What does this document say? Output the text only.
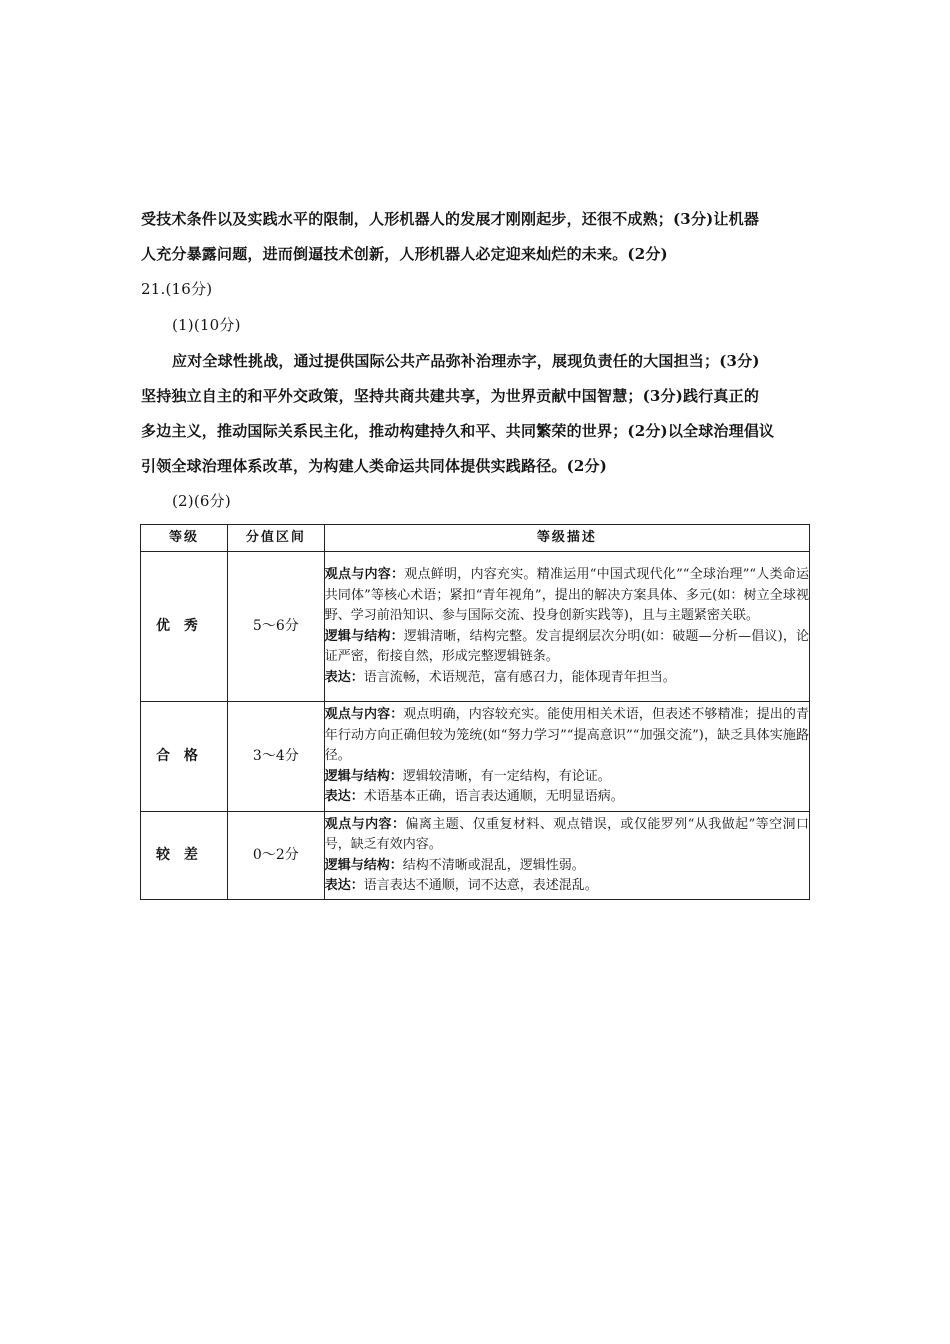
受技术条件以及实践水平的限制，人形机器人的发展才刚刚起步，还很不成熟；(3分)让机器
人充分暴露问题，进而倒逼技术创新，人形机器人必定迎来灿烂的未来。(2分)
21.(16分)
(1)(10分)
应对全球性挑战，通过提供国际公共产品弥补治理赤字，展现负责任的大国担当；(3分)
坚持独立自主的和平外交政策，坚持共商共建共享，为世界贡献中国智慧；(3分)践行真正的
多边主义，推动国际关系民主化，推动构建持久和平、共同繁荣的世界；(2分)以全球治理倡议
引领全球治理体系改革，为构建人类命运共同体提供实践路径。(2分)
(2)(6分)
等级	分值区间	等级描述
优秀	5～6分	观点与内容：观点鲜明，内容充实。精准运用“中国式现代化”“全球治理”“人类命运共同体”等核心术语；紧扣“青年视角”，提出的解决方案具体、多元(如：树立全球视野、学习前沿知识、参与国际交流、投身创新实践等)，且与主题紧密关联。

逻辑与结构：逻辑清晰，结构完整。发言提纲层次分明(如：破题—分析—倡议)，论证严密，衔接自然，形成完整逻辑链条。

表达：语言流畅，术语规范，富有感召力，能体现青年担当。

合格	3～4分	观点与内容：观点明确，内容较充实。能使用相关术语，但表述不够精准；提出的青年行动方向正确但较为笼统(如“努力学习”“提高意识”“加强交流”)，缺乏具体实施路径。

逻辑与结构：逻辑较清晰，有一定结构，有论证。

表达：术语基本正确，语言表达通顺，无明显语病。

较差	0～2分	观点与内容：偏离主题、仅重复材料、观点错误，或仅能罗列“从我做起”等空洞口号，缺乏有效内容。

逻辑与结构：结构不清晰或混乱，逻辑性弱。

表达：语言表达不通顺，词不达意，表述混乱。
